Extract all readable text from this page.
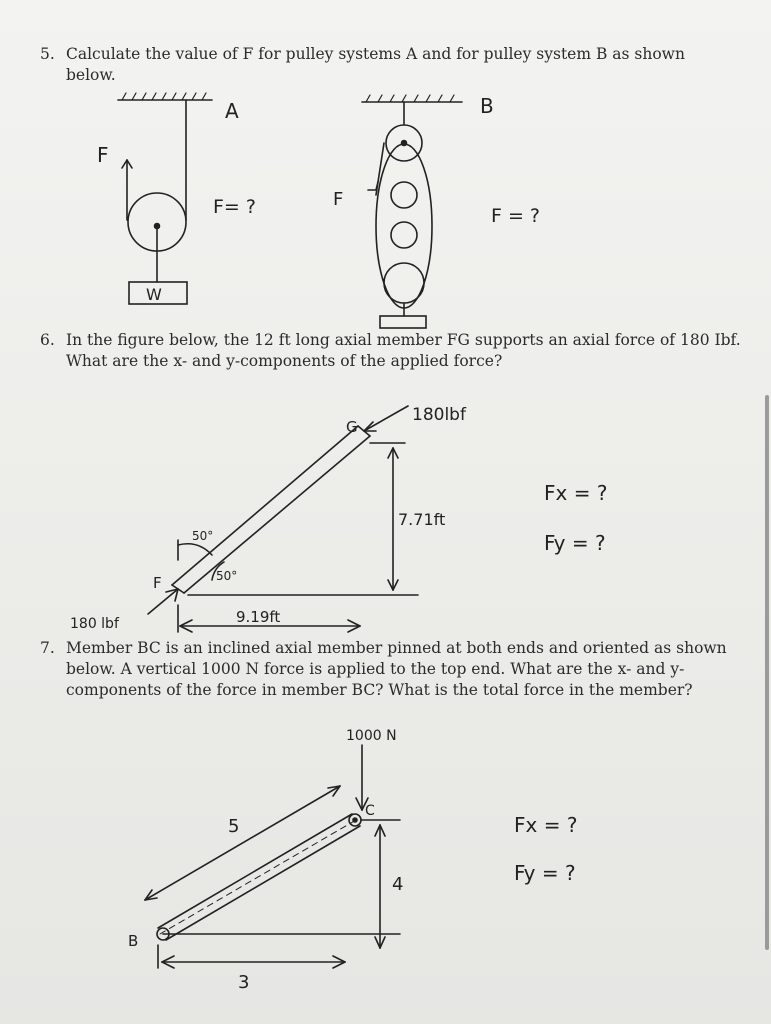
5. Calculate the value of F for pulley systems A and for pulley system B as shown

below.
6. In the figure below, the 12 ft long axial member FG supports an axial force of 180 Ibf.

What are the x- and y-components of the applied force?
7. Member BC is an inclined axial member pinned at both ends and oriented as shown

below. A vertical 1000 N force is applied to the top end. What are the x- and y-
components of the force in member BC? What is the total force in the member?
A
F
W
F= ?
B
F
F = ?
G
F
180lbf
180 lbf
7.71ft
9.19ft
50°
50°
Fx = ?
Fy = ?
1000 N
C
B
5
4
3
Fx = ?
Fy = ?
